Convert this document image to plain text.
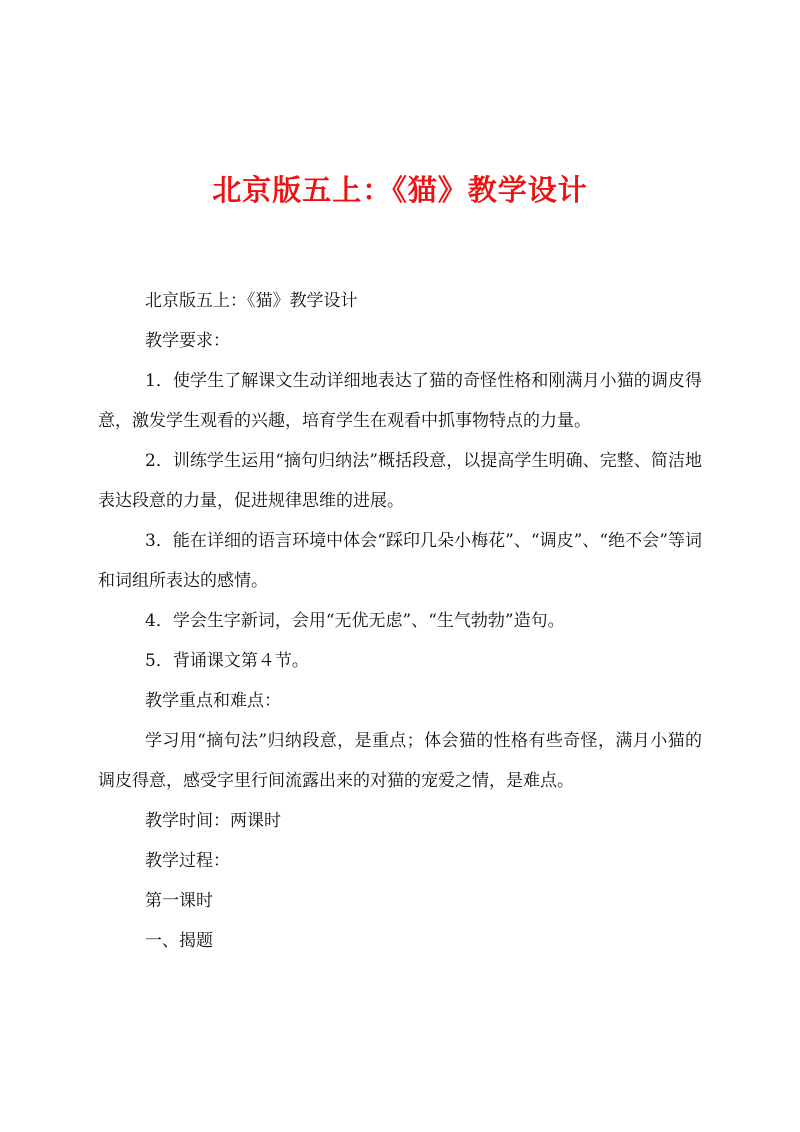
北京版五上：《猫》教学设计

北京版五上：《猫》教学设计

教学要求：

1．使学生了解课文生动详细地表达了猫的奇怪性格和刚满月小猫的调皮得意，激发学生观看的兴趣，培育学生在观看中抓事物特点的力量。

2．训练学生运用“摘句归纳法”概括段意，以提高学生明确、完整、简洁地表达段意的力量，促进规律思维的进展。

3．能在详细的语言环境中体会“踩印几朵小梅花”、“调皮”、“绝不会”等词和词组所表达的感情。

4．学会生字新词，会用“无优无虑”、“生气勃勃”造句。

5．背诵课文第４节。

教学重点和难点：

学习用“摘句法”归纳段意，是重点；体会猫的性格有些奇怪，满月小猫的调皮得意，感受字里行间流露出来的对猫的宠爱之情，是难点。

教学时间：两课时

教学过程：

第一课时

一、揭题
